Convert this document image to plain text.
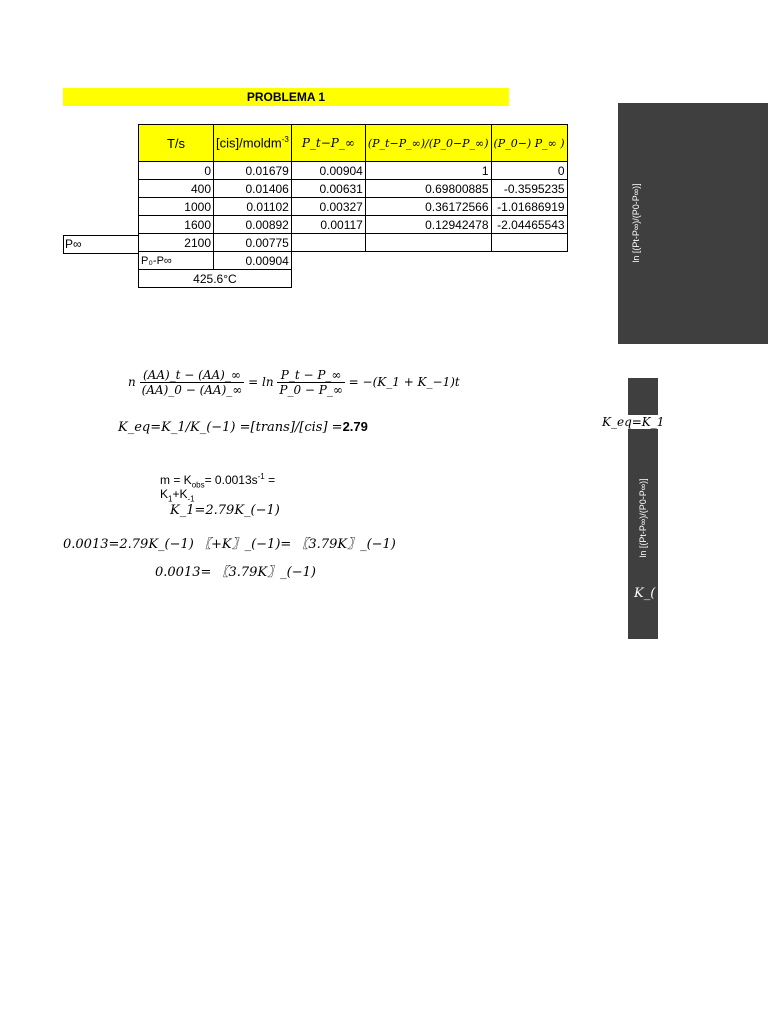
PROBLEMA 1
T/s	[cis]/moldm$^{-3}$	P_t−P_∞	(P_t−P_∞)/(P_0−P_∞)	(P_0−) P_∞ )
0	0.01679	0.00904	1	0
400	0.01406	0.00631	0.69800885	-0.3595235
1000	0.01102	0.00327	0.36172566	-1.01686919
1600	0.00892	0.00117	0.12942478	-2.04465543
2100	0.00775			
P₀-P∞	0.00904			
425.6°C				
P∞
n $\frac{\text{(𝐴𝐴)\_t − (𝐴𝐴)\_∞}}{\text{(𝐴𝐴)\_0 − (𝐴𝐴)\_∞}}$ = 𝑙𝑛 $\frac{\text{𝑃\_t − 𝑃\_∞}}{\text{𝑃\_0 − 𝑃\_∞}}$ = −(𝐾_1 + 𝐾_−1)𝑡
𝐾_𝑒𝑞=𝐾_1/𝐾_(−1) =[𝑡𝑟𝑎𝑛𝑠]/[𝑐𝑖𝑠] =2.79
$m = K_{obs}= 0.0013s^{-1}$ =
$K_1+K_{-1}$
𝐾_1=2.79𝐾_(−1)
0.0013=2.79𝐾_(−1) 〖+𝐾〗_(−1)= 〖3.79𝐾〗_(−1)
0.0013= 〖3.79𝐾〗_(−1)
ln [(Pt-P∞)/(P0-P∞)]
ln [(Pt-P∞)/(P0-P∞)]
𝐾_𝑒𝑞=𝐾_1
𝐾_(
